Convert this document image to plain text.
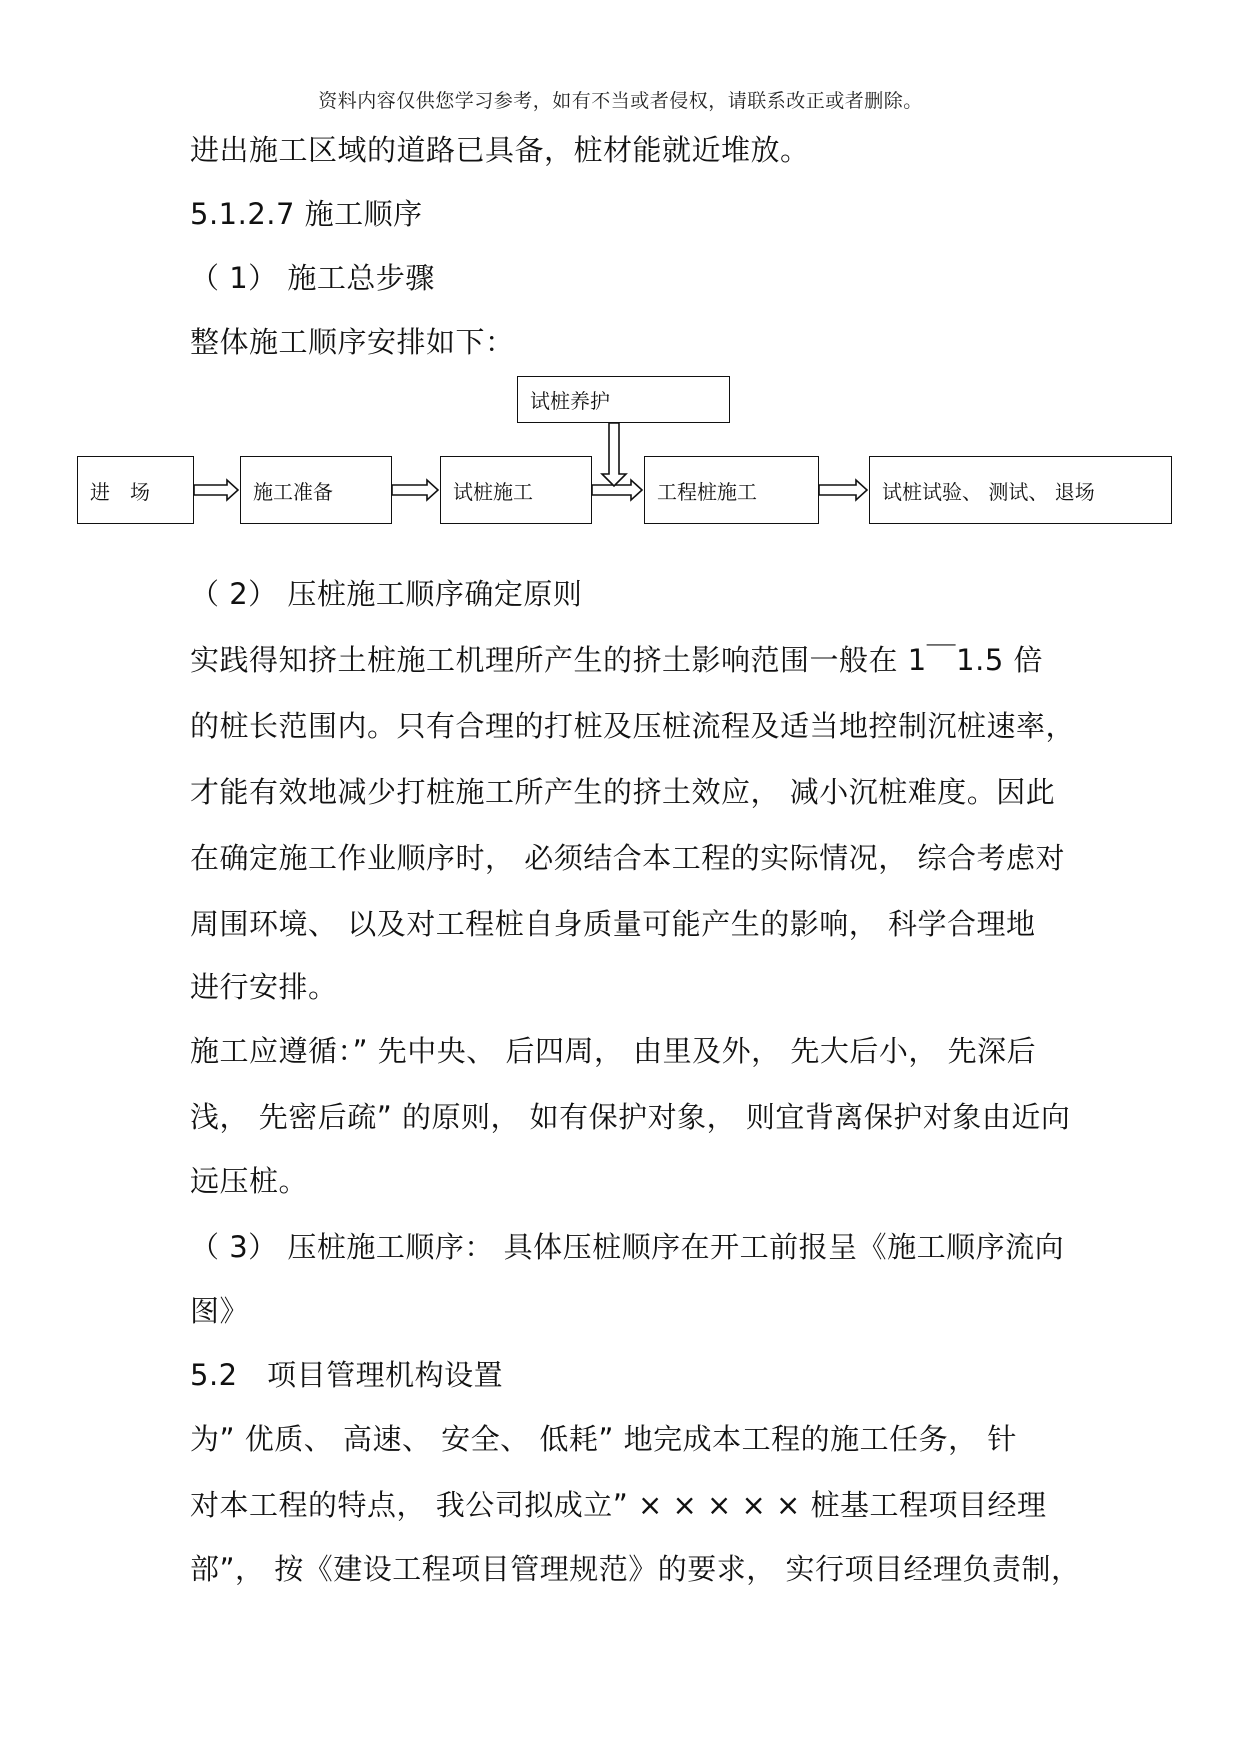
资料内容仅供您学习参考，如有不当或者侵权，请联系改正或者删除。
进出施工区域的道路已具备，桩材能就近堆放。
5.1.2.7 施工顺序
（ 1） 施工总步骤
整体施工顺序安排如下：
试桩养护
进　场	施工准备	试桩施工	工程桩施工	试桩试验、 测试、 退场
（ 2） 压桩施工顺序确定原则
实践得知挤土桩施工机理所产生的挤土影响范围一般在 1￣1.5 倍
的桩长范围内。只有合理的打桩及压桩流程及适当地控制沉桩速率，
才能有效地减少打桩施工所产生的挤土效应， 减小沉桩难度。因此
在确定施工作业顺序时， 必须结合本工程的实际情况， 综合考虑对
周围环境、 以及对工程桩自身质量可能产生的影响， 科学合理地
进行安排。
施工应遵循：” 先中央、 后四周， 由里及外， 先大后小， 先深后
浅， 先密后疏” 的原则， 如有保护对象， 则宜背离保护对象由近向
远压桩。
（ 3） 压桩施工顺序： 具体压桩顺序在开工前报呈《施工顺序流向
图》
5.2　项目管理机构设置
为” 优质、 高速、 安全、 低耗” 地完成本工程的施工任务， 针
对本工程的特点， 我公司拟成立” × × × × × 桩基工程项目经理
部”， 按《建设工程项目管理规范》的要求， 实行项目经理负责制，
